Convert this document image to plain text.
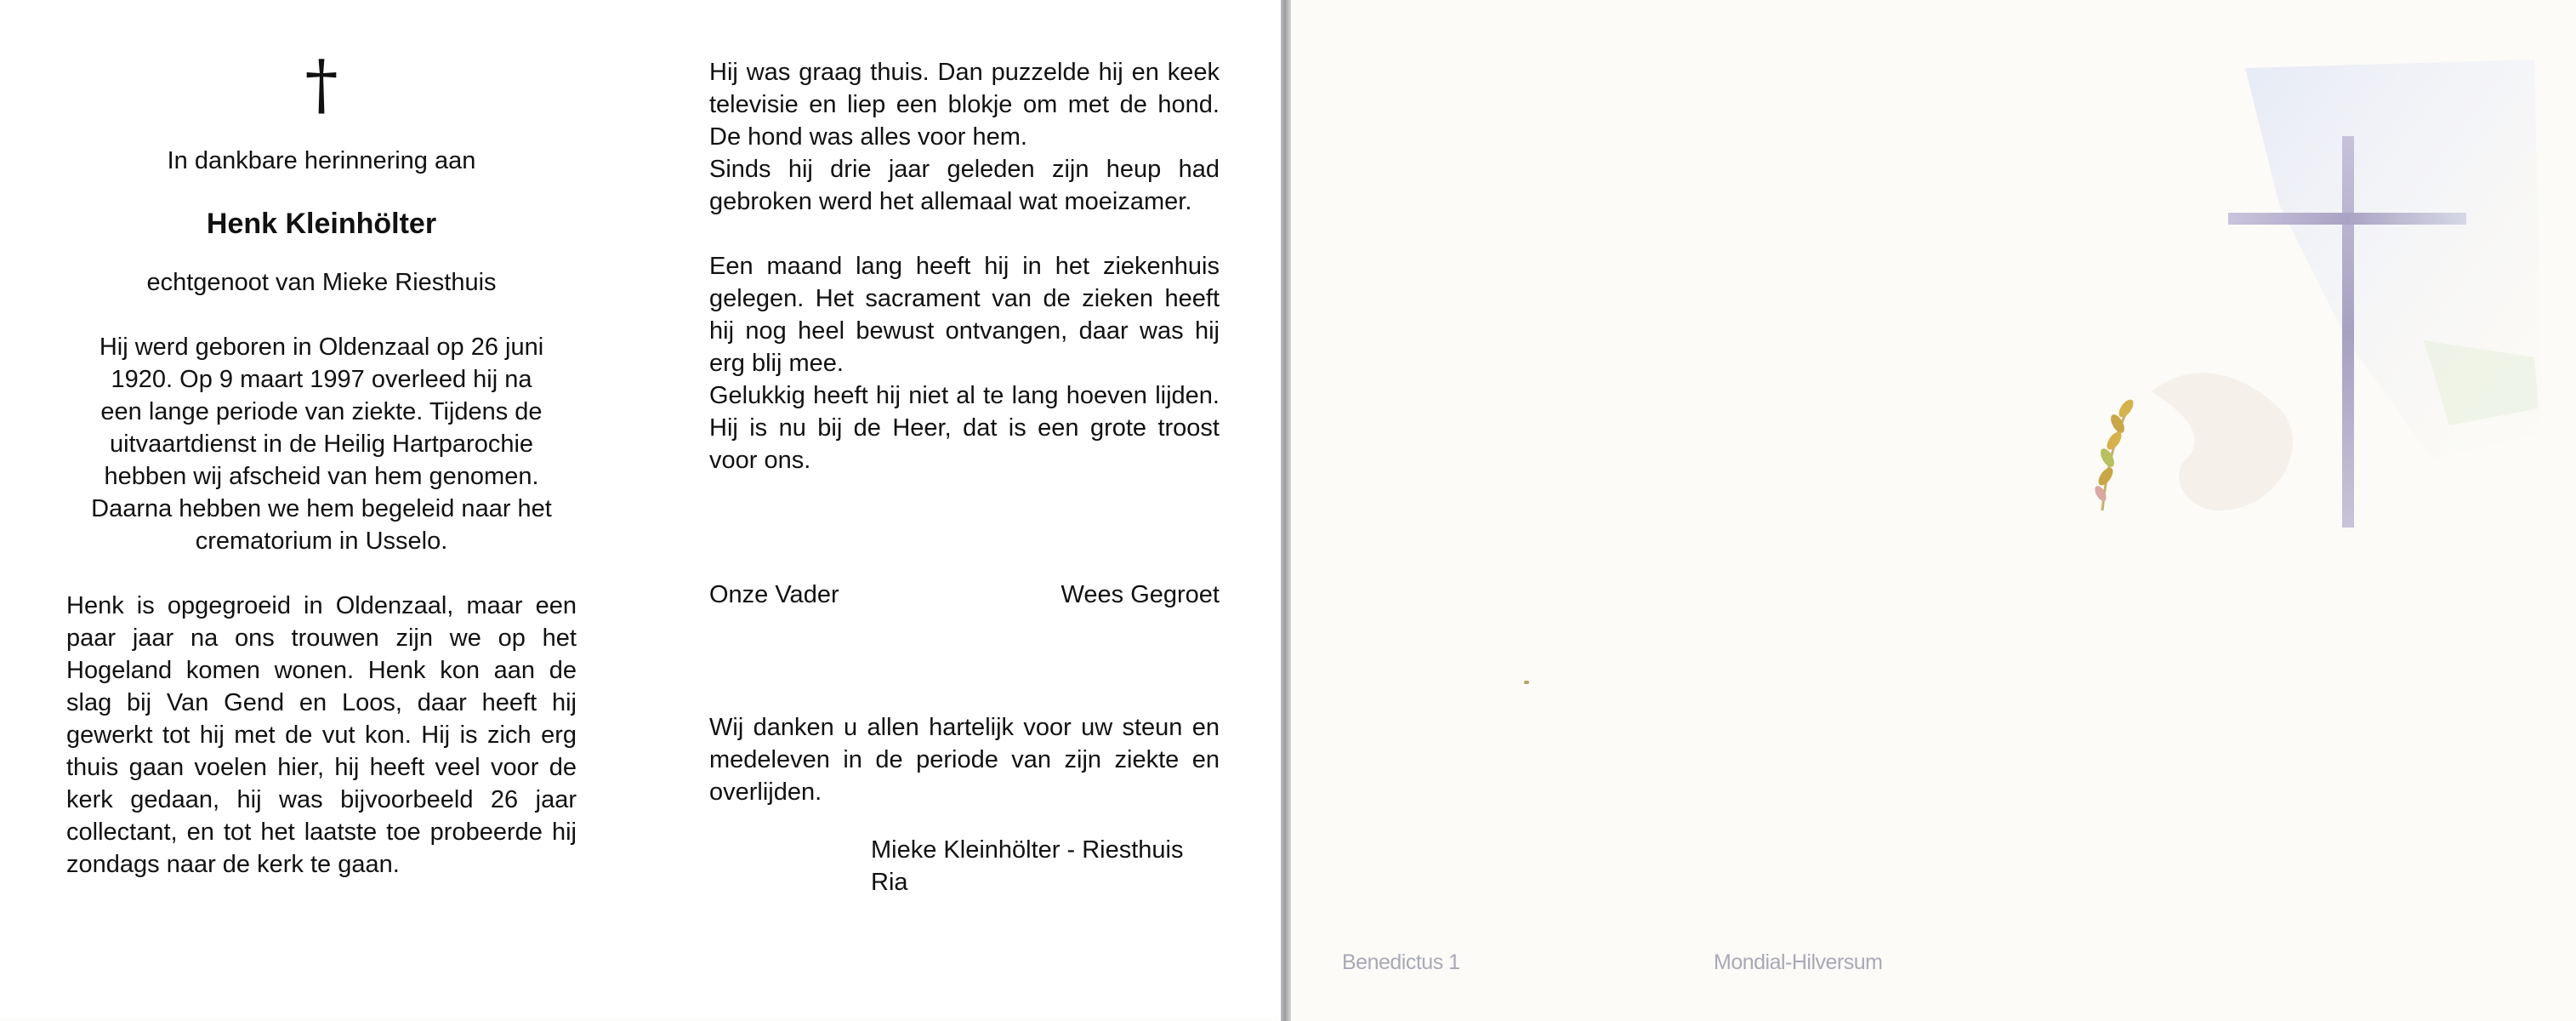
†
In dankbare herinnering aan
Henk Kleinhölter
echtgenoot van Mieke Riesthuis
Hij werd geboren in Oldenzaal op 26 juni
1920. Op 9 maart 1997 overleed hij na
een lange periode van ziekte. Tijdens de
uitvaartdienst in de Heilig Hartparochie
hebben wij afscheid van hem genomen.
Daarna hebben we hem begeleid naar het
crematorium in Usselo.

Henk is opgegroeid in Oldenzaal, maar een paar jaar na ons trouwen zijn we op het Hogeland komen wonen. Henk kon aan de slag bij Van Gend en Loos, daar heeft hij gewerkt tot hij met de vut kon. Hij is zich erg thuis gaan voelen hier, hij heeft veel voor de kerk gedaan, hij was bijvoorbeeld 26 jaar collectant, en tot het laatste toe probeerde hij zondags naar de kerk te gaan.

Hij was graag thuis. Dan puzzelde hij en keek televisie en liep een blokje om met de hond. De hond was alles voor hem.

Sinds hij drie jaar geleden zijn heup had gebroken werd het allemaal wat moeizamer.

Een maand lang heeft hij in het ziekenhuis gelegen. Het sacrament van de zieken heeft hij nog heel bewust ontvangen, daar was hij erg blij mee.

Gelukkig heeft hij niet al te lang hoeven lijden. Hij is nu bij de Heer, dat is een grote troost voor ons.

Onze Vader	Wees Gegroet

Wij danken u allen hartelijk voor uw steun en medeleven in de periode van zijn ziekte en overlijden.

Mieke Kleinhölter - Riesthuis
Ria
Benedictus 1	Mondial-Hilversum
